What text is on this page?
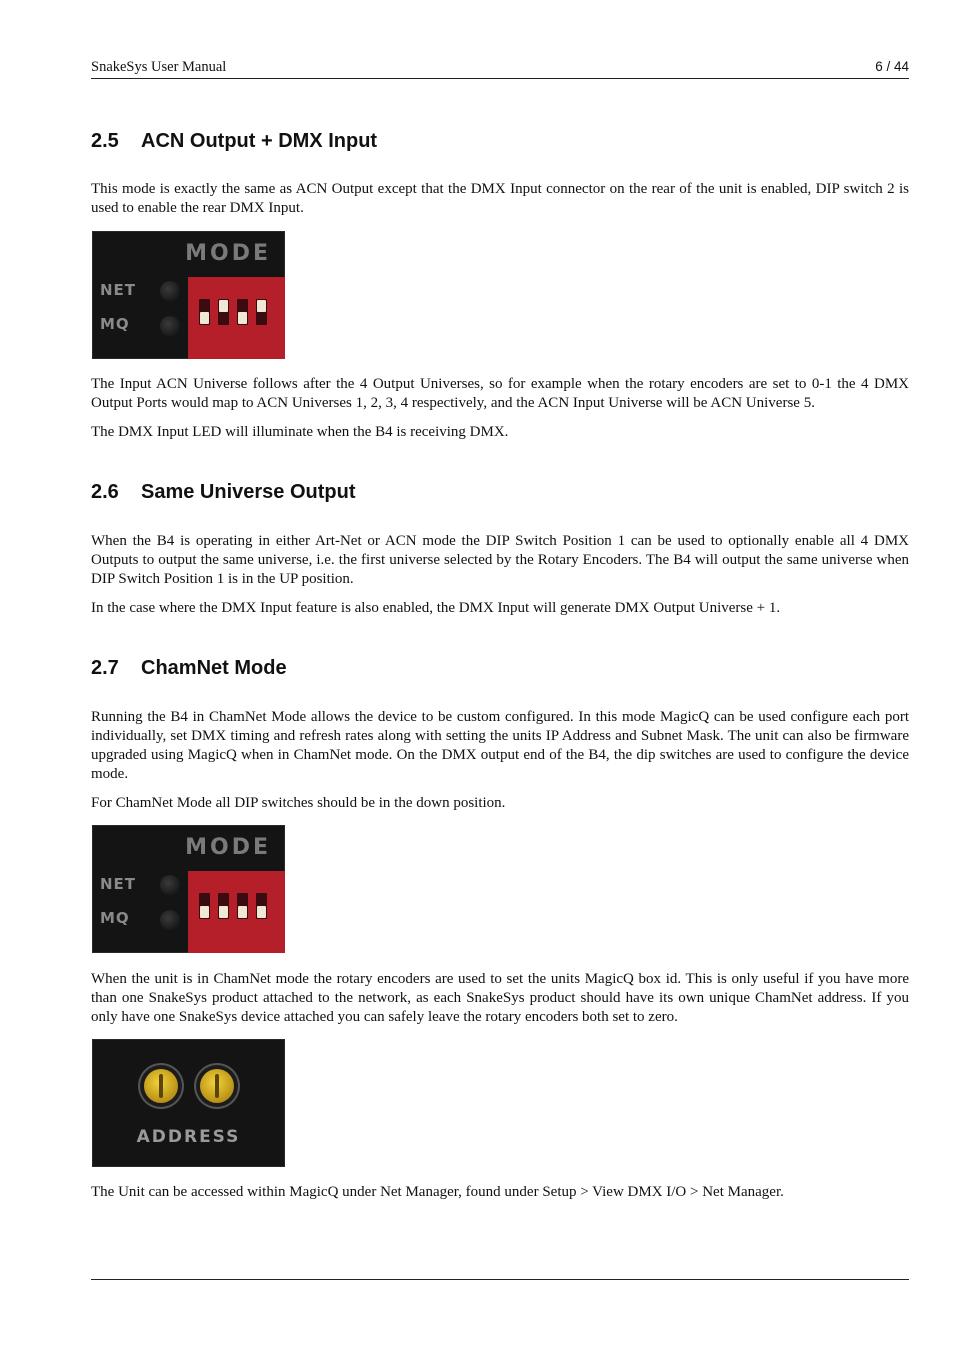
SnakeSys User Manual	6 / 44
2.5 ACN Output + DMX Input

This mode is exactly the same as ACN Output except that the DMX Input connector on the rear of the unit is enabled, DIP switch 2 is used to enable the rear DMX Input.

MODE
NET
MQ

The Input ACN Universe follows after the 4 Output Universes, so for example when the rotary encoders are set to 0-1 the 4 DMX Output Ports would map to ACN Universes 1, 2, 3, 4 respectively, and the ACN Input Universe will be ACN Universe 5.

The DMX Input LED will illuminate when the B4 is receiving DMX.

2.6 Same Universe Output

When the B4 is operating in either Art-Net or ACN mode the DIP Switch Position 1 can be used to optionally enable all 4 DMX Outputs to output the same universe, i.e. the first universe selected by the Rotary Encoders. The B4 will output the same universe when DIP Switch Position 1 is in the UP position.

In the case where the DMX Input feature is also enabled, the DMX Input will generate DMX Output Universe + 1.

2.7 ChamNet Mode

Running the B4 in ChamNet Mode allows the device to be custom configured. In this mode MagicQ can be used configure each port individually, set DMX timing and refresh rates along with setting the units IP Address and Subnet Mask. The unit can also be firmware upgraded using MagicQ when in ChamNet mode. On the DMX output end of the B4, the dip switches are used to configure the device mode.

For ChamNet Mode all DIP switches should be in the down position.

MODE
NET
MQ

When the unit is in ChamNet mode the rotary encoders are used to set the units MagicQ box id. This is only useful if you have more than one SnakeSys product attached to the network, as each SnakeSys product should have its own unique ChamNet address. If you only have one SnakeSys device attached you can safely leave the rotary encoders both set to zero.

ADDRESS

The Unit can be accessed within MagicQ under Net Manager, found under Setup > View DMX I/O > Net Manager.
